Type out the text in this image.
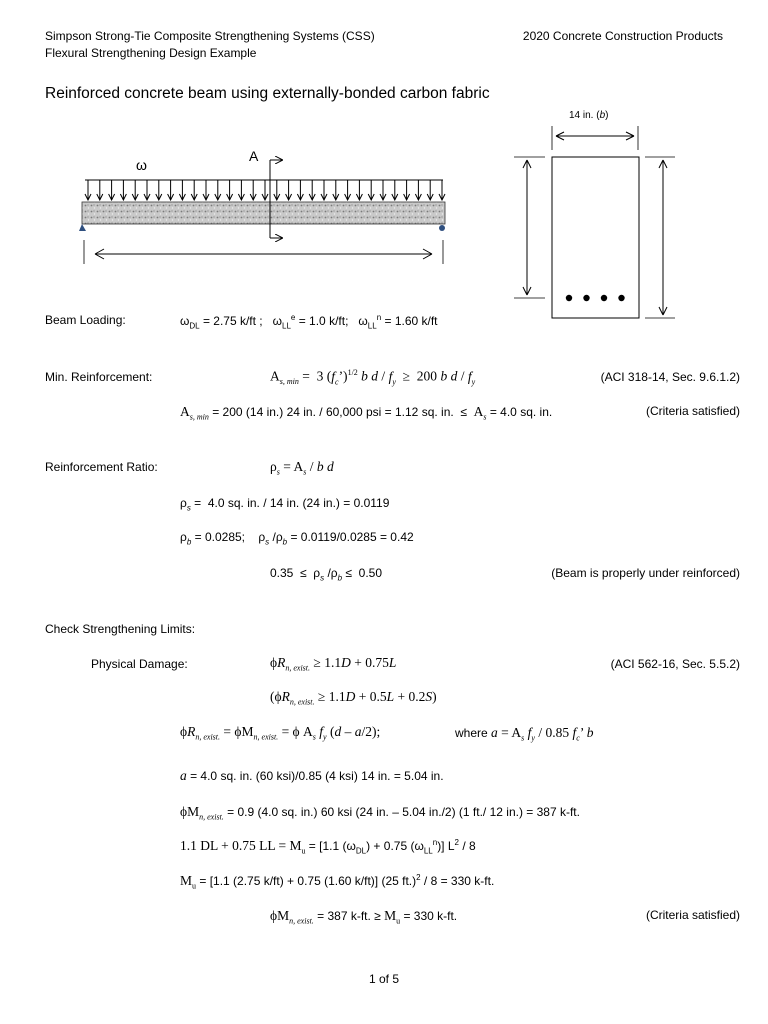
Simpson Strong-Tie Composite Strengthening Systems (CSS)
Flexural Strengthening Design Example
2020 Concrete Construction Products
Reinforced concrete beam using externally-bonded carbon fabric
ω
A
14 in. (b)
Beam Loading:	$\omega_{DL} = 2.75$ k/ft ;   $\omega_{LL}^e = 1.0$ k/ft;   $\omega_{LL}^n = 1.60$ k/ft
Min. Reinforcement:	$A_{s, min} = 3$ $(f_c’)^{1/2}$ b $d / f_y \ge 200$ b d / $f_y$	(ACI 318-14, Sec. 9.6.1.2)
$A_{s, min} = 200$ (14 in.) 24 in. / 60,000 psi = 1.12 sq. in.  ≤  $A_s = 4.0$ sq. in.	(Criteria satisfied)
Reinforcement Ratio:	$\rho_s = A_s / b$ d
$\rho_s = 4.0$ sq. in. / 14 in. (24 in.) = 0.0119
$\rho_b = 0.0285$;    $\rho_s$ $/\rho_b = 0.0119/0.0285 = 0.42$
$0.35 \le \rho_s$ $/\rho_b \le 0.50$	(Beam is properly under reinforced)
Check Strengthening Limits:
Physical Damage:	$\phi R_{n, exist.} \ge 1.1D + 0.75L$	(ACI 562-16, Sec. 5.5.2)
$(\phi R_{n, exist.} \ge 1.1D + 0.5L + 0.2S)$
$\phi R_{n, exist.} = \phi M_{n, exist.} = \phi$ $A_s$ $f_y$ (d – a/2);	where $a = A_s$ $f_y / 0.85$ $f_c$’ b
a = 4.0 sq. in. (60 ksi)/0.85 (4 ksi) 14 in. = 5.04 in.
$\phi M_{n, exist.} = 0.9$ (4.0 sq. in.) 60 ksi (24 in. – 5.04 in./2) (1 ft./ 12 in.) = 387 k-ft.
1.1 DL + 0.75 LL = $M_u = [1.1$ $(\omega_{DL}) + 0.75$ $(\omega_{LL}^n)$] $L^2 / 8$
$M_u = [1.1$ (2.75 k/ft) + 0.75 (1.60 k/ft)] (25 ft.)$^2$ / 8 = 330 k-ft.
$\phi M_{n, exist.} = 387$ k-ft. ≥ $M_u = 330$ k-ft.	(Criteria satisfied)
1 of 5
